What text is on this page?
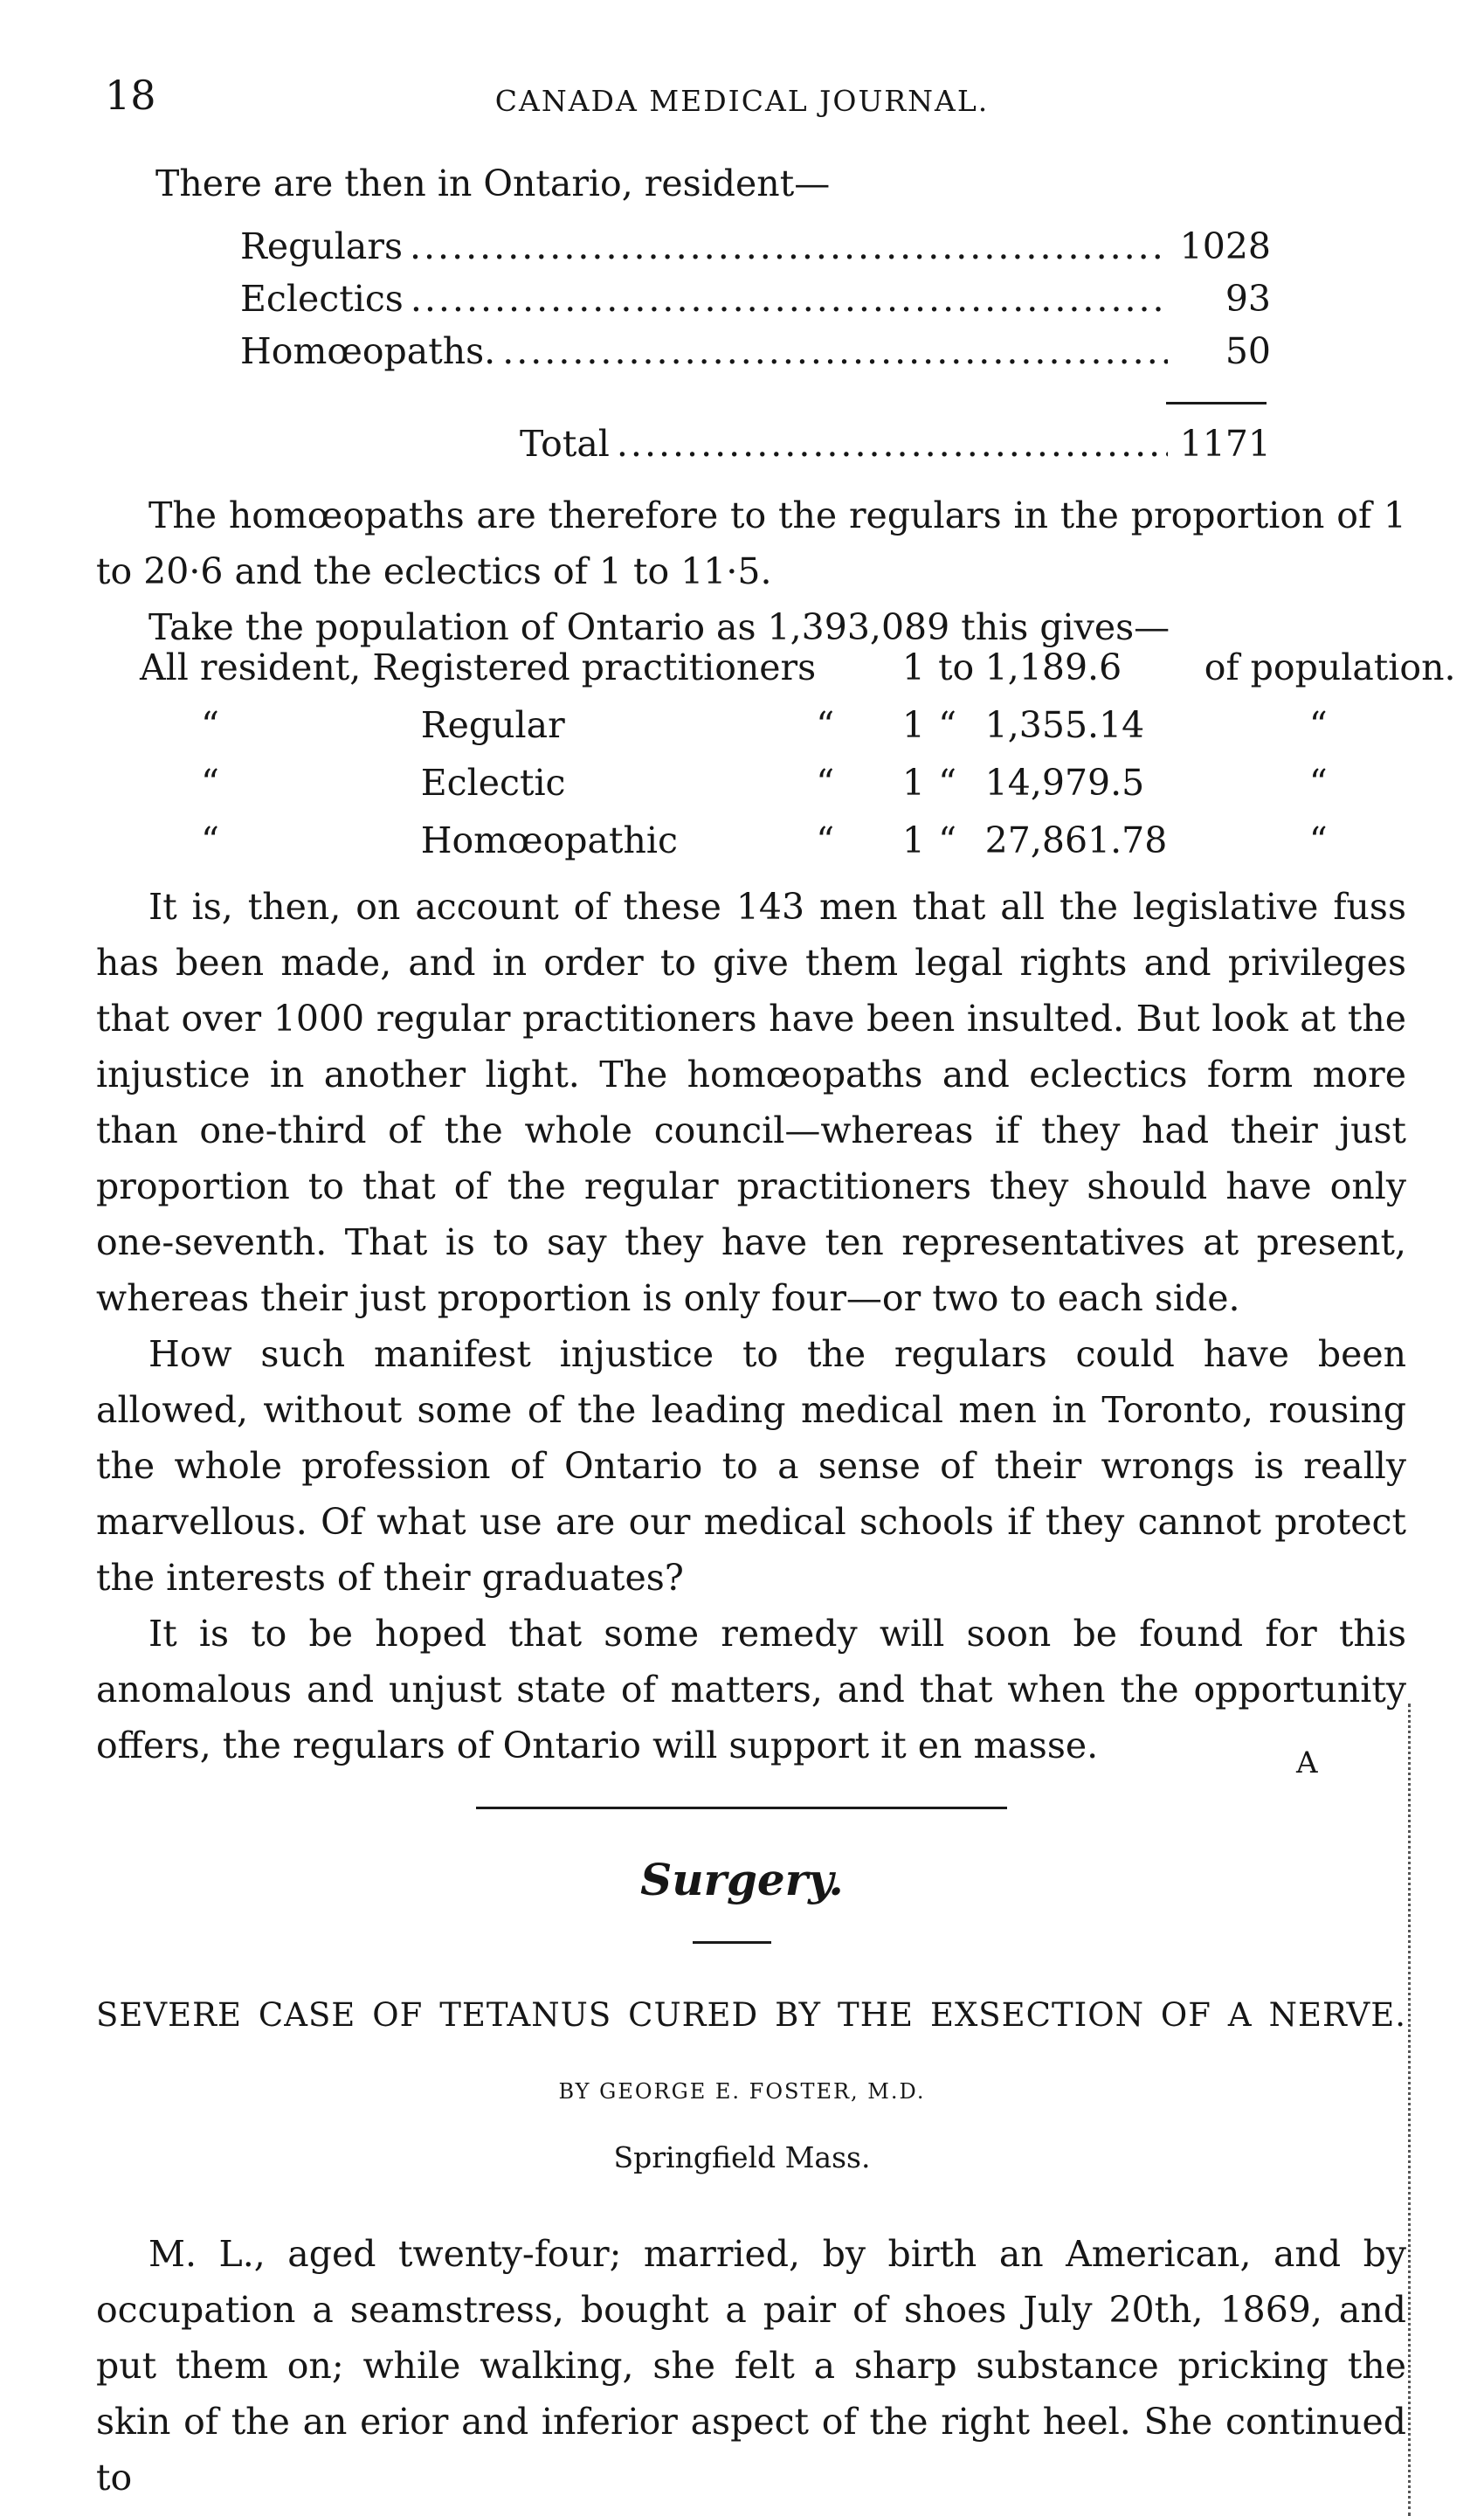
18	CANADA MEDICAL JOURNAL.
There are then in Ontario, resident—
Regulars .....	1028
Eclectics .....	93
Homœopaths. .....	50
Total .....	1171

The homœopaths are therefore to the regulars in the proportion of 1 to 20·6 and the eclectics of 1 to 11·5.

Take the population of Ontario as 1,393,089 this gives—

All resident, Registered practitioners			1	to	1,189.6	of population.
“	Regular	“	1	“	1,355.14	“
“	Eclectic	“	1	“	14,979.5	“
“	Homœopathic	“	1	“	27,861.78	“

It is, then, on account of these 143 men that all the legislative fuss has been made, and in order to give them legal rights and privileges that over 1000 regular practitioners have been insulted. But look at the injustice in another light. The homœopaths and eclectics form more than one-third of the whole council—whereas if they had their just proportion to that of the regular practitioners they should have only one-seventh. That is to say they have ten representatives at present, whereas their just proportion is only four—or two to each side.

How such manifest injustice to the regulars could have been allowed, without some of the leading medical men in Toronto, rousing the whole profession of Ontario to a sense of their wrongs is really marvellous. Of what use are our medical schools if they cannot protect the interests of their graduates?

It is to be hoped that some remedy will soon be found for this anomalous and unjust state of matters, and that when the opportunity offers, the regulars of Ontario will support it en masse.	A
Surgery.
SEVERE CASE OF TETANUS CURED BY THE EXSECTION OF A NERVE.
BY GEORGE E. FOSTER, M.D.
Springfield Mass.

M. L., aged twenty-four; married, by birth an American, and by occupation a seamstress, bought a pair of shoes July 20th, 1869, and put them on; while walking, she felt a sharp substance pricking the skin of the an erior and inferior aspect of the right heel. She continued to
